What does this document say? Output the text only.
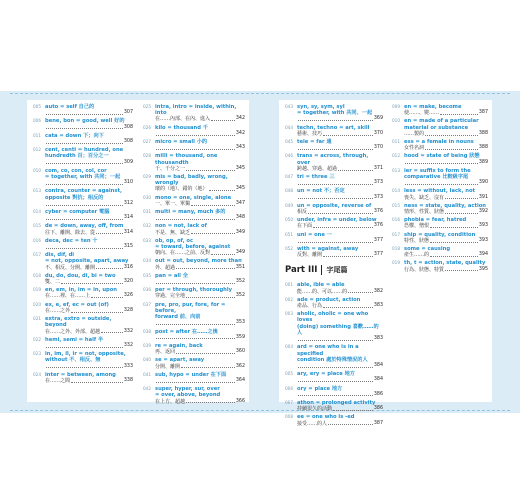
005 auto = self 自己的
307
006 bene, bon = good, well 好的
308
011 cata = down 下；向下
308
012 cent, centi = hundred, one
hundredth 百；百分之一
309
010 com, co, con, col, cor
= together, with 共同；一起
310
013 contra, counter = against,
opposite 對抗；相反的
312
014 cyber = computer 電腦
314
015 de = down, away, off, from
往下、離開、除去、從	314
016 deca, dec = ten 十
315
017 dis, dif, di
= not, opposite, apart, away
不、相反、分開、離開	316
018 du, do, dou, di, bi = two
雙、二	320
019 en, em, in, im = in, upon
在……裡、在……上	326
020 ex, e, ef, ec = out (of)
在……之外	328
021 extra, extro = outside, beyond
在……之外、外部、超越	332
022 hemi, semi = half 半
332
023 in, im, il, ir = not, opposite,
without 不、相反、無
333
024 inter = between, among
在……之間	338
025 intra, intro = inside, within, into
在……內部、在內、進入	342
026 kilo = thousand 千
342
027 micro = small 小的
343
028 milli = thousand, one thousandth
千、千分之一	345
029 mis = bad, badly, wrong, wrongly
壞的（地）、錯的（地）	345
030 mono = one, single, alone
一、單一、單獨	347
031 multi = many, much 多的
348
032 non = not, lack of
不是、無、缺乏	349
033 ob, op, of, oc
= toward, before, against
朝向、在……之前、反對	349
034 out = out, beyond, more than
外、超過	351
035 pan = all 全
352
036 per = through, thoroughly
穿過、完全地	352
037 pre, pro, pur, fore, for = before,
forward 前、向前
353
038 post = after 在……之後
359
039 re = again, back
再、返回	360
040 se = apart, away
分開、離開	362
041 sub, hypo = under 在下面
364
042 super, hyper, sur, over
= over, above, beyond
在上方、超越	366
043 syn, sy, sym, syl
= together, with 共同、一起
369
044 techn, techno = art, skill
藝術、技巧	370
045 tele = far 遠
370
046 trans = across, through, over
跨越、穿過、超過	371
047 tri = three 三
373
048 un = not 不；否定
373
049 un = opposite, reverse of
相反	376
050 under, infra = under, below
在下面	376
051 uni = one 一
377
052 with = against, away
反對、離開	377
Part III	字尾篇
001 able, ible = able
能……的、可以……的	382
002 ade = product, action
產品、行為	383
003 aholic, oholic = one who loves
(doing) something 喜歡……的人
383
004 ard = one who is in a specified
condition 處於特殊情況的人
384
005 ary, ery = place 地方
384
006 ory = place 地方
386
007 athon = prolonged activity
持續很久的活動	386
008 ee = one who is -ed
接受……的人	387
009 en = make, become
使……、變……	387
010 en = made of a particular
material or substance
……製的	388
011 ess = a female in nouns
女性名詞	388
012 hood = state of being 狀態
389
013 ier = suffix to form the
comparative 比較級字尾
390
014 less = without, lack, not
喪失、缺乏、沒有	391
015 ness = state, quality, action
情形、性質、狀態	392
016 phobia = fear, hatred
恐懼、憎恨	393
017 ship = quality, condition
特性、狀態	393
018 some = causing
產生……的	394
019 th, t = action, state, quality
行為、狀態、特質	395
